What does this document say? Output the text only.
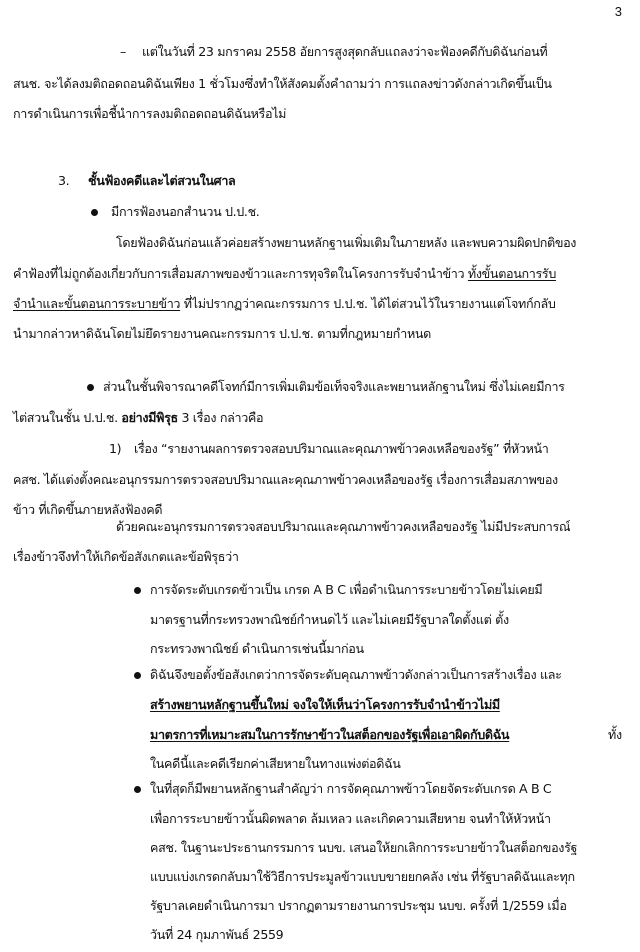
3
– แต่ในวันที่ 23 มกราคม 2558 อัยการสูงสุดกลับแถลงว่าจะฟ้องคดีกับดิฉันก่อนที่
สนช. จะได้ลงมติถอดถอนดิฉันเพียง 1 ชั่วโมงซึ่งทำให้สังคมตั้งคำถามว่า การแถลงข่าวดังกล่าวเกิดขึ้นเป็น
การดำเนินการเพื่อชี้นำการลงมติถอดถอนดิฉันหรือไม่
3. ชั้นฟ้องคดีและไต่สวนในศาล
มีการฟ้องนอกสำนวน ป.ป.ช.
โดยฟ้องดิฉันก่อนแล้วค่อยสร้างพยานหลักฐานเพิ่มเติมในภายหลัง และพบความผิดปกติของ
คำฟ้องที่ไม่ถูกต้องเกี่ยวกับการเสื่อมสภาพของข้าวและการทุจริตในโครงการรับจำนำข้าว ทั้งขั้นตอนการรับ
จำนำและขั้นตอนการระบายข้าว ที่ไม่ปรากฏว่าคณะกรรมการ ป.ป.ช. ได้ไต่สวนไว้ในรายงานแต่โจทก์กลับ
นำมากล่าวหาดิฉันโดยไม่ยึดรายงานคณะกรรมการ ป.ป.ช. ตามที่กฎหมายกำหนด
ส่วนในชั้นพิจารณาคดีโจทก์มีการเพิ่มเติมข้อเท็จจริงและพยานหลักฐานใหม่ ซึ่งไม่เคยมีการ
ไต่สวนในชั้น ป.ป.ช. อย่างมีพิรุธ 3 เรื่อง กล่าวคือ
1) เรื่อง “รายงานผลการตรวจสอบปริมาณและคุณภาพข้าวคงเหลือของรัฐ” ที่หัวหน้า
คสช. ได้แต่งตั้งคณะอนุกรรมการตรวจสอบปริมาณและคุณภาพข้าวคงเหลือของรัฐ เรื่องการเสื่อมสภาพของ
ข้าว ที่เกิดขึ้นภายหลังฟ้องคดี
ด้วยคณะอนุกรรมการตรวจสอบปริมาณและคุณภาพข้าวคงเหลือของรัฐ ไม่มีประสบการณ์
เรื่องข้าวจึงทำให้เกิดข้อสังเกตและข้อพิรุธว่า
การจัดระดับเกรดข้าวเป็น เกรด A B C เพื่อดำเนินการระบายข้าวโดยไม่เคยมี
มาตรฐานที่กระทรวงพาณิชย์กำหนดไว้ และไม่เคยมีรัฐบาลใดตั้งแต่ ตั้ง
กระทรวงพาณิชย์ ดำเนินการเช่นนี้มาก่อน
ดิฉันจึงขอตั้งข้อสังเกตว่าการจัดระดับคุณภาพข้าวดังกล่าวเป็นการสร้างเรื่อง และ
สร้างพยานหลักฐานขึ้นใหม่ จงใจให้เห็นว่าโครงการรับจำนำข้าวไม่มี
มาตรการที่เหมาะสมในการรักษาข้าวในสต็อกของรัฐเพื่อเอาผิดกับดิฉัน	ทั้ง
ในคดีนี้และคดีเรียกค่าเสียหายในทางแพ่งต่อดิฉัน
ในที่สุดก็มีพยานหลักฐานสำคัญว่า การจัดคุณภาพข้าวโดยจัดระดับเกรด A B C
เพื่อการระบายข้าวนั้นผิดพลาด ล้มเหลว และเกิดความเสียหาย จนทำให้หัวหน้า
คสช. ในฐานะประธานกรรมการ นบข. เสนอให้ยกเลิกการระบายข้าวในสต็อกของรัฐ
แบบแบ่งเกรดกลับมาใช้วิธีการประมูลข้าวแบบขายยกคลัง เช่น ที่รัฐบาลดิฉันและทุก
รัฐบาลเคยดำเนินการมา ปรากฏตามรายงานการประชุม นบข. ครั้งที่ 1/2559 เมื่อ
วันที่ 24 กุมภาพันธ์ 2559
